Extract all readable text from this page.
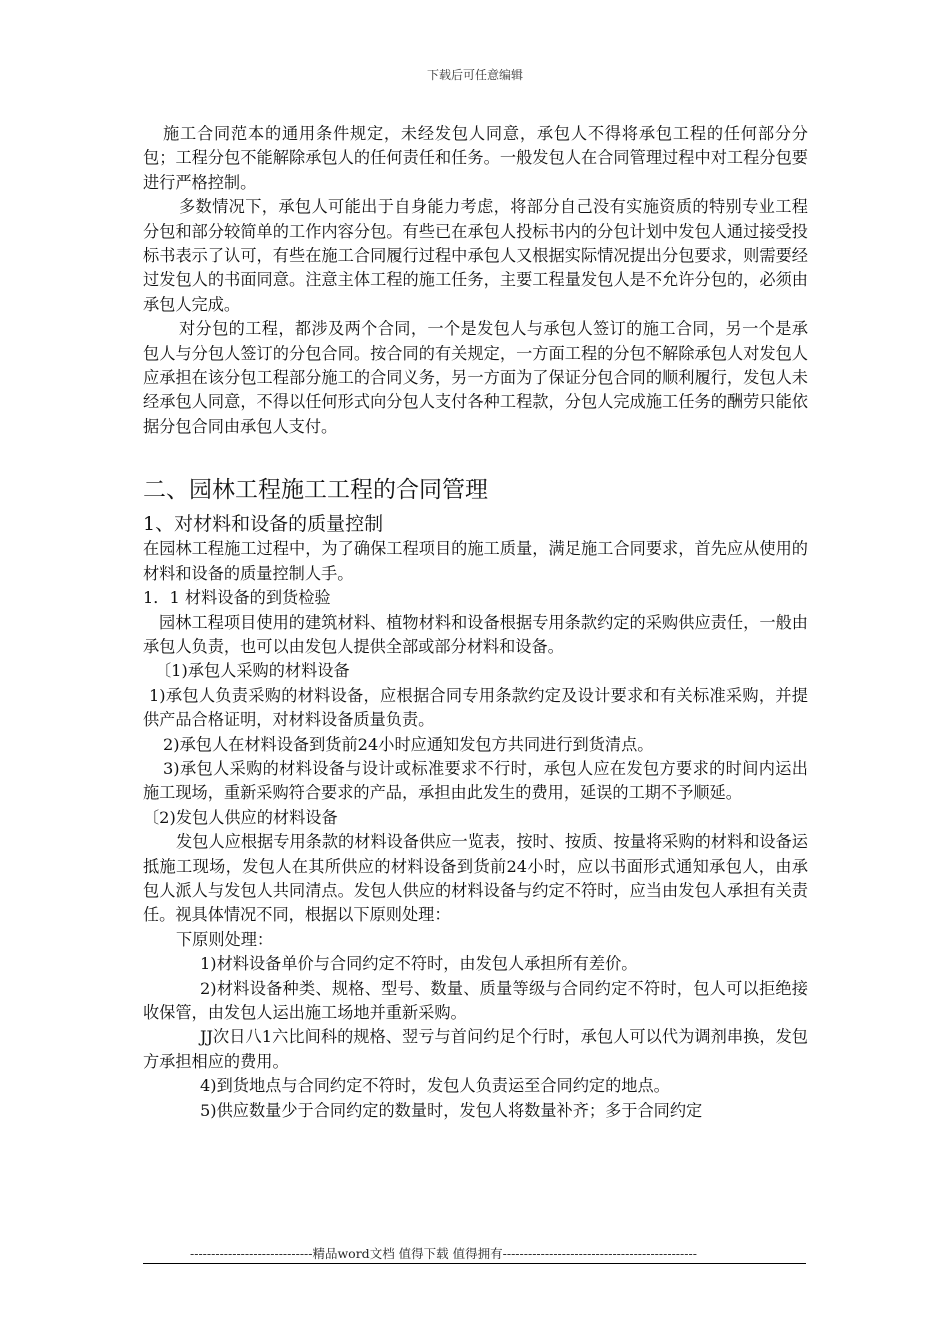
下载后可任意编辑

施工合同范本的通用条件规定，未经发包人同意，承包人不得将承包工程的任何部分分包；工程分包不能解除承包人的任何责任和任务。一般发包人在合同管理过程中对工程分包要进行严格控制。

多数情况下，承包人可能出于自身能力考虑，将部分自己没有实施资质的特别专业工程分包和部分较简单的工作内容分包。有些已在承包人投标书内的分包计划中发包人通过接受投标书表示了认可，有些在施工合同履行过程中承包人又根据实际情况提出分包要求，则需要经过发包人的书面同意。注意主体工程的施工任务，主要工程量发包人是不允许分包的，必须由承包人完成。

对分包的工程，都涉及两个合同，一个是发包人与承包人签订的施工合同，另一个是承包人与分包人签订的分包合同。按合同的有关规定，一方面工程的分包不解除承包人对发包人应承担在该分包工程部分施工的合同义务，另一方面为了保证分包合同的顺利履行，发包人未经承包人同意，不得以任何形式向分包人支付各种工程款，分包人完成施工任务的酬劳只能依据分包合同由承包人支付。

二、园林工程施工工程的合同管理

1、对材料和设备的质量控制

在园林工程施工过程中，为了确保工程项目的施工质量，满足施工合同要求，首先应从使用的材料和设备的质量控制人手。

1．1 材料设备的到货检验

园林工程项目使用的建筑材料、植物材料和设备根据专用条款约定的采购供应责任，一般由承包人负责，也可以由发包人提供全部或部分材料和设备。

〔1)承包人采购的材料设备

1)承包人负责采购的材料设备，应根据合同专用条款约定及设计要求和有关标准采购，并提供产品合格证明，对材料设备质量负责。

2)承包人在材料设备到货前24小时应通知发包方共同进行到货清点。

3)承包人采购的材料设备与设计或标准要求不行时，承包人应在发包方要求的时间内运出施工现场，重新采购符合要求的产品，承担由此发生的费用，延误的工期不予顺延。

〔2)发包人供应的材料设备

发包人应根据专用条款的材料设备供应一览表，按时、按质、按量将采购的材料和设备运抵施工现场，发包人在其所供应的材料设备到货前24小时，应以书面形式通知承包人，由承包人派人与发包人共同清点。发包人供应的材料设备与约定不符时，应当由发包人承担有关责任。视具体情况不同，根据以下原则处理：

下原则处理：

1)材料设备单价与合同约定不符时，由发包人承担所有差价。

2)材料设备种类、规格、型号、数量、质量等级与合同约定不符时，包人可以拒绝接收保管，由发包人运出施工场地并重新采购。

JJ次日八1六比间科的规格、翌亏与首问约足个行时，承包人可以代为调剂串换，发包方承担相应的费用。

4)到货地点与合同约定不符时，发包人负责运至合同约定的地点。

5)供应数量少于合同约定的数量时，发包人将数量补齐；多于合同约定

-----------------------------精品word文档 值得下载 值得拥有----------------------------------------------
